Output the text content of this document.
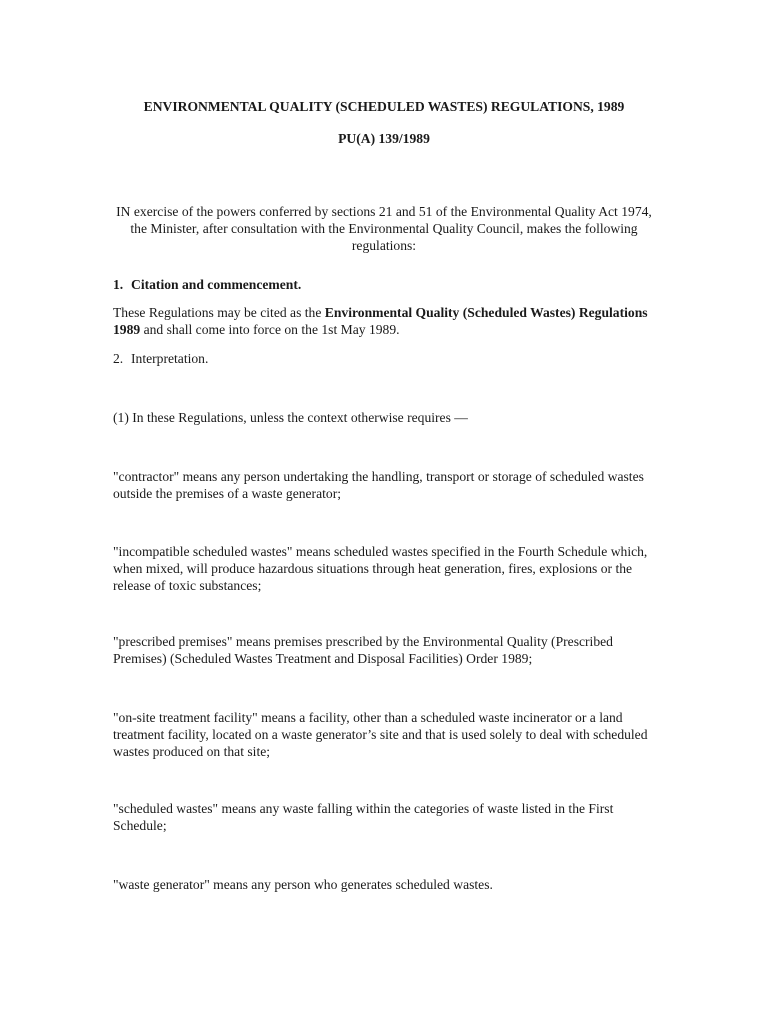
ENVIRONMENTAL QUALITY (SCHEDULED WASTES) REGULATIONS, 1989
PU(A) 139/1989
IN exercise of the powers conferred by sections 21 and 51 of the Environmental Quality Act 1974, the Minister, after consultation with the Environmental Quality Council, makes the following regulations:
1. Citation and commencement.
These Regulations may be cited as the Environmental Quality (Scheduled Wastes) Regulations 1989 and shall come into force on the 1st May 1989.
2. Interpretation.
(1) In these Regulations, unless the context otherwise requires —
"contractor" means any person undertaking the handling, transport or storage of scheduled wastes outside the premises of a waste generator;
"incompatible scheduled wastes" means scheduled wastes specified in the Fourth Schedule which, when mixed, will produce hazardous situations through heat generation, fires, explosions or the release of toxic substances;
"prescribed premises" means premises prescribed by the Environmental Quality (Prescribed Premises) (Scheduled Wastes Treatment and Disposal Facilities) Order 1989;
"on-site treatment facility" means a facility, other than a scheduled waste incinerator or a land treatment facility, located on a waste generator’s site and that is used solely to deal with scheduled wastes produced on that site;
"scheduled wastes" means any waste falling within the categories of waste listed in the First Schedule;
"waste generator" means any person who generates scheduled wastes.
